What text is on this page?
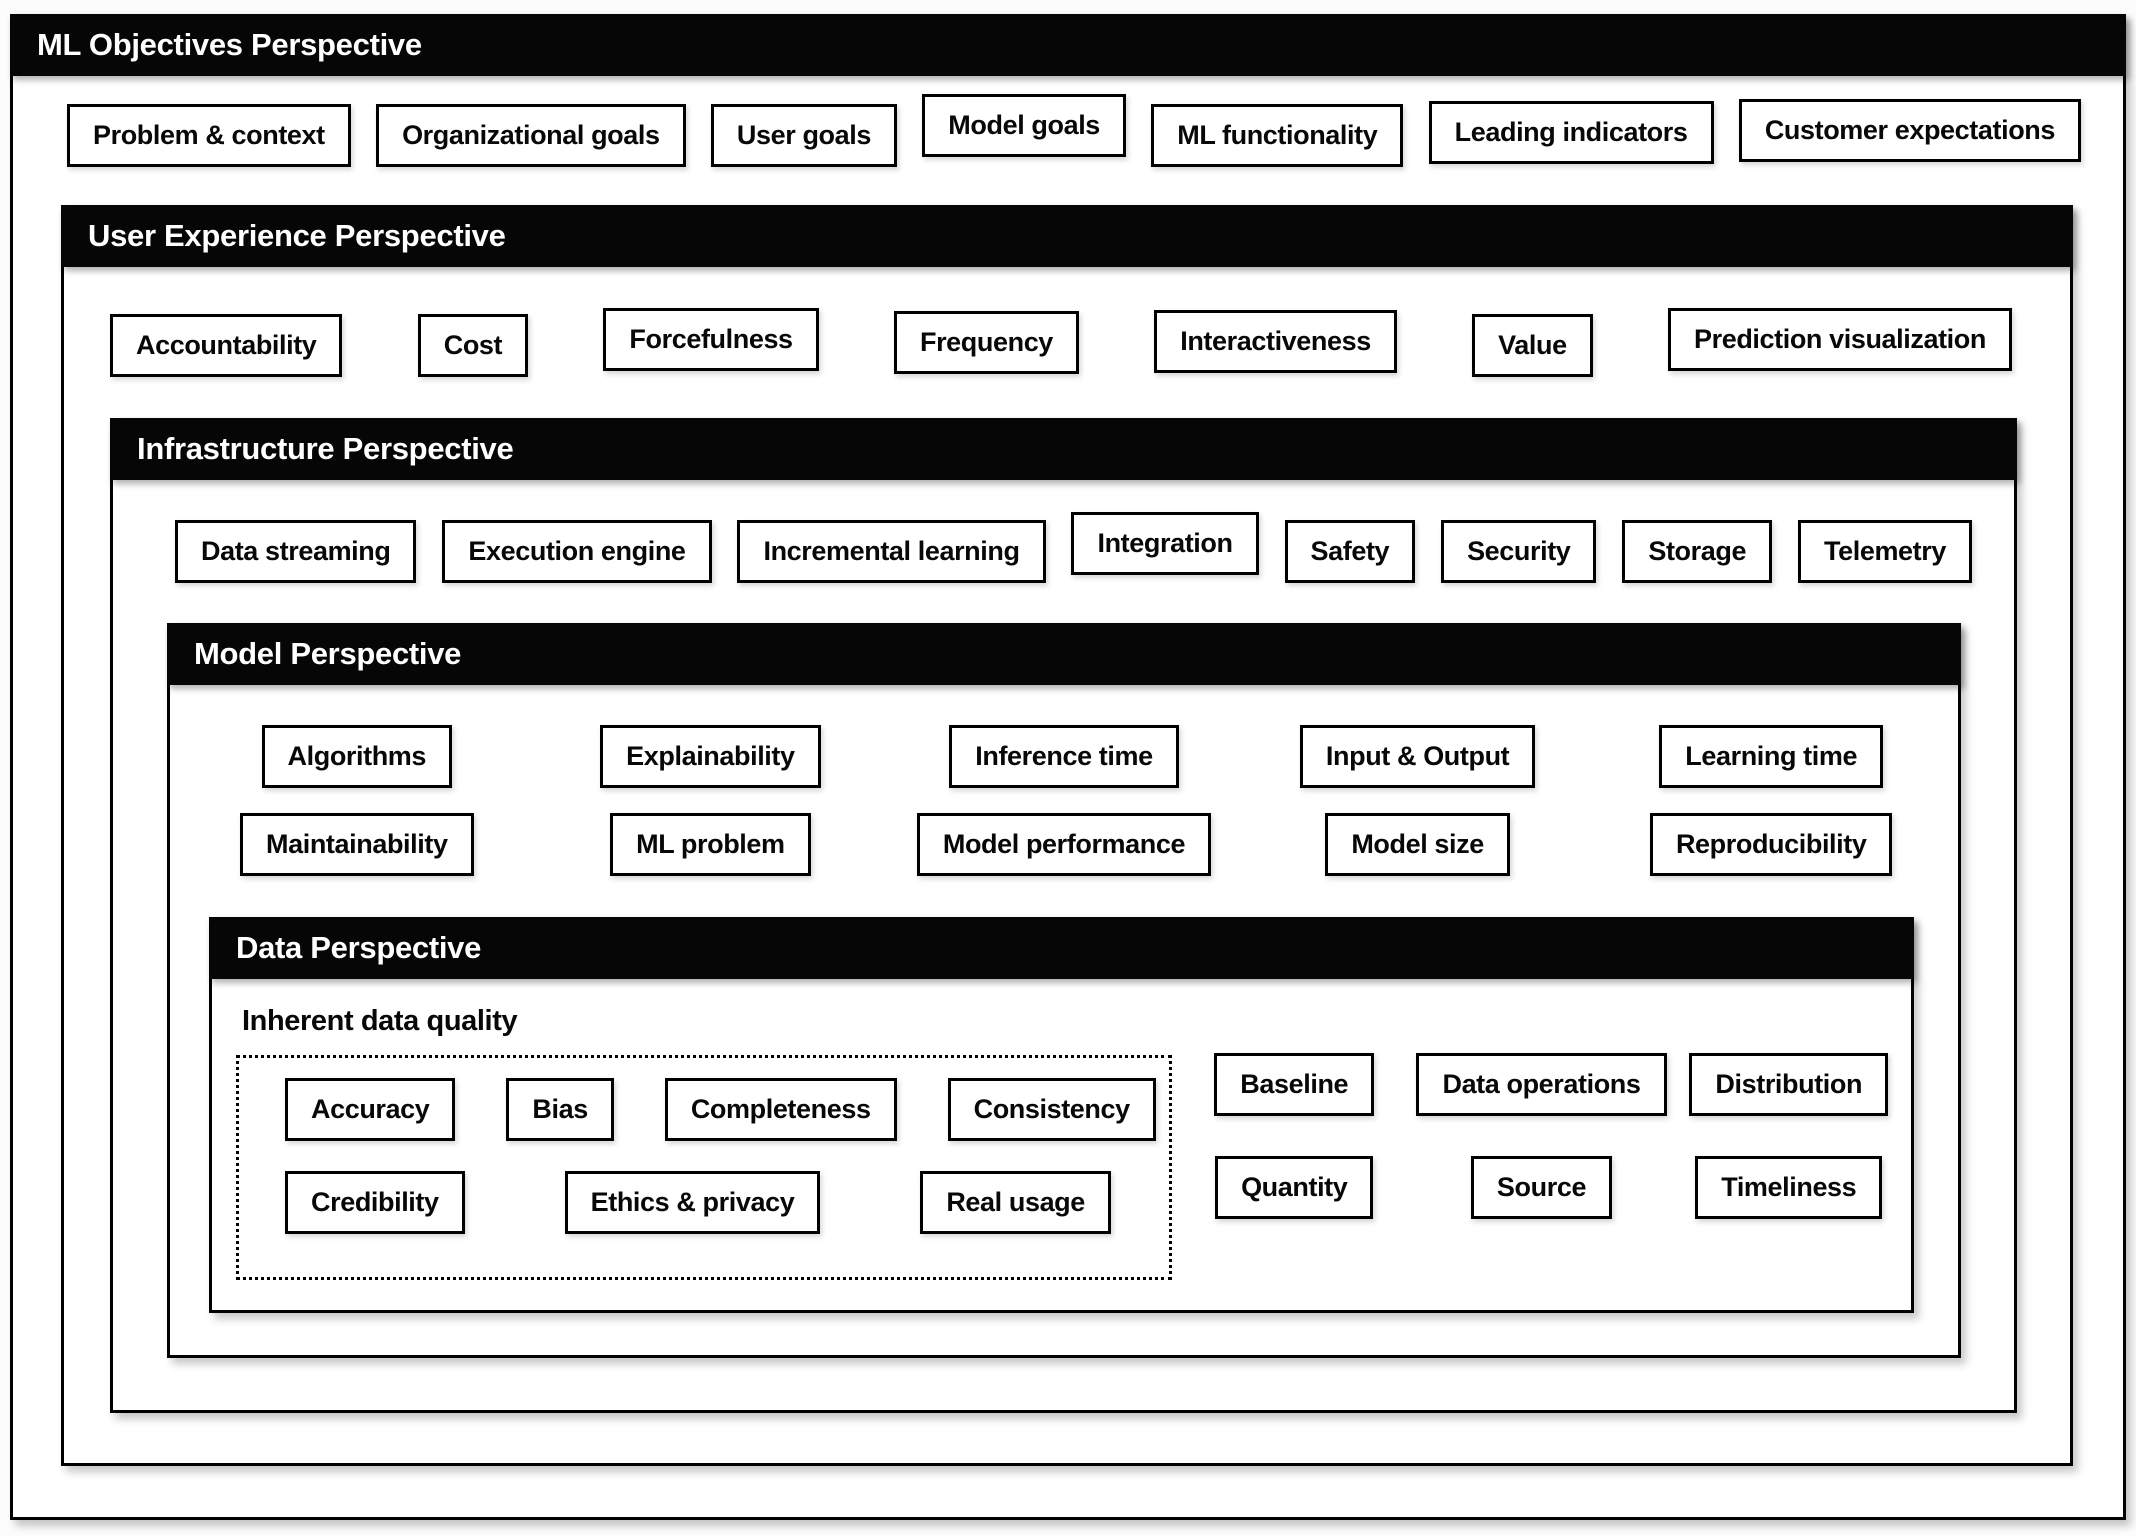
ML Objectives Perspective
Problem & context	Organizational goals	User goals	Model goals	ML functionality	Leading indicators	Customer expectations
User Experience Perspective
Accountability	Cost	Forcefulness	Frequency	Interactiveness	Value	Prediction visualization
Infrastructure Perspective
Data streaming	Execution engine	Incremental learning	Integration	Safety	Security	Storage	Telemetry
Model Perspective
Algorithms	Explainability	Inference time	Input & Output	Learning time
Maintainability	ML problem	Model performance	Model size	Reproducibility
Data Perspective
Inherent data quality
Accuracy	Bias	Completeness	Consistency
Credibility	Ethics & privacy	Real usage
Baseline	Data operations	Distribution
Quantity	Source	Timeliness
